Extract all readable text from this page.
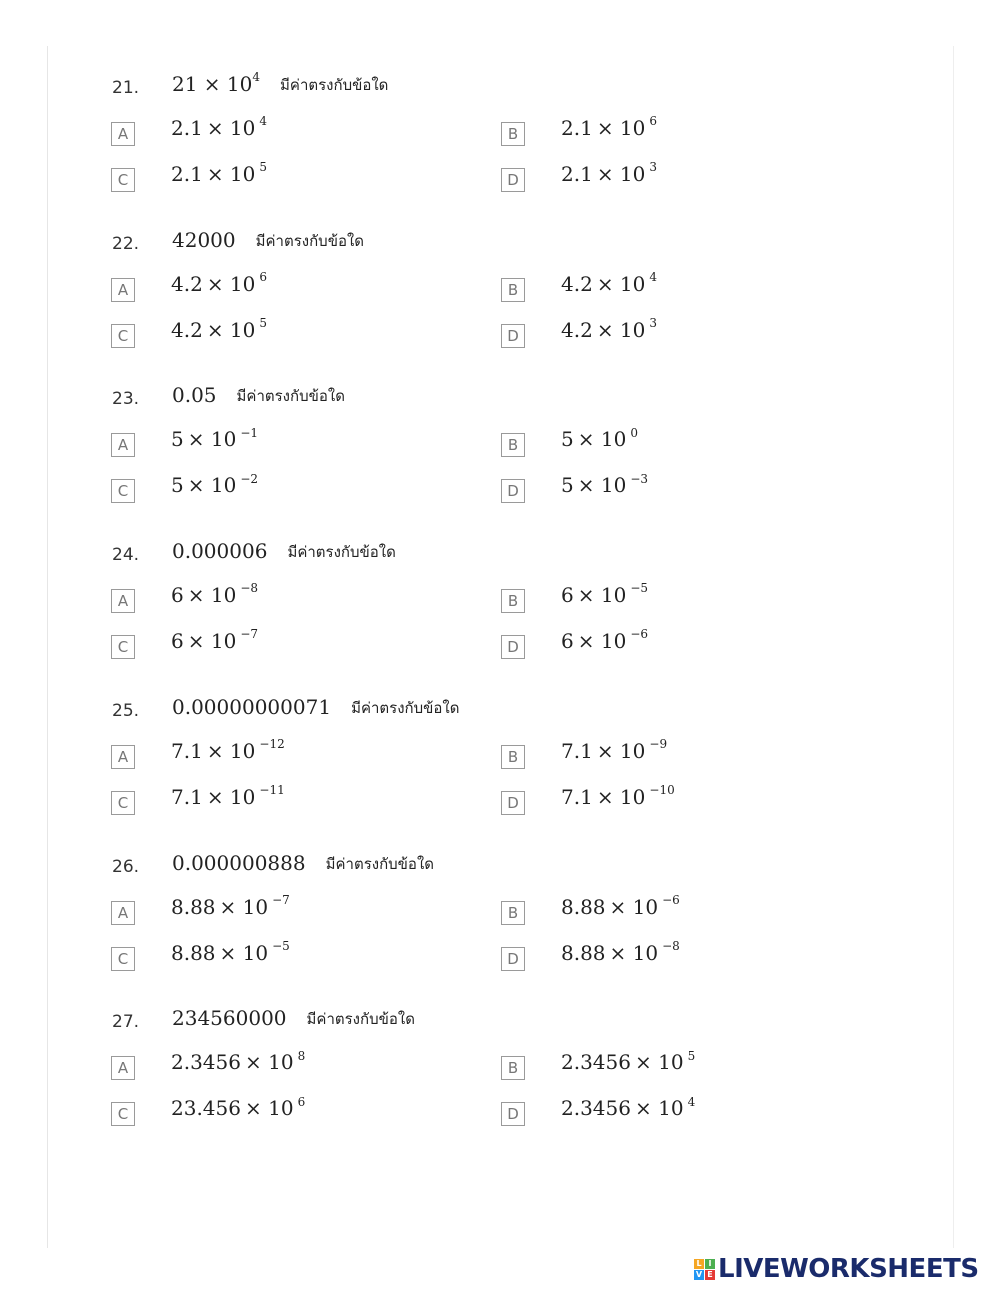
21. $21 \times 10^4$ มีค่าตรงกับข้อใด
A	2.1 × 10 $^4$
B	2.1 × 10 $^6$
C	2.1 × 10 $^5$
D	2.1 × 10 $^3$
22. 42000 มีค่าตรงกับข้อใด
A	4.2 × 10 $^6$
B	4.2 × 10 $^4$
C	4.2 × 10 $^5$
D	4.2 × 10 $^3$
23. 0.05 มีค่าตรงกับข้อใด
A	5 × 10 $^{-1}$
B	5 × 10 $^0$
C	5 × 10 $^{-2}$
D	5 × 10 $^{-3}$
24. 0.000006 มีค่าตรงกับข้อใด
A	6 × 10 $^{-8}$
B	6 × 10 $^{-5}$
C	6 × 10 $^{-7}$
D	6 × 10 $^{-6}$
25. 0.00000000071 มีค่าตรงกับข้อใด
A	7.1 × 10 $^{-12}$
B	7.1 × 10 $^{-9}$
C	7.1 × 10 $^{-11}$
D	7.1 × 10 $^{-10}$
26. 0.000000888 มีค่าตรงกับข้อใด
A	8.88 × 10 $^{-7}$
B	8.88 × 10 $^{-6}$
C	8.88 × 10 $^{-5}$
D	8.88 × 10 $^{-8}$
27. 234560000 มีค่าตรงกับข้อใด
A	2.3456 × 10 $^8$
B	2.3456 × 10 $^5$
C	23.456 × 10 $^6$
D	2.3456 × 10 $^4$
L I
V E LIVEWORKSHEETS
